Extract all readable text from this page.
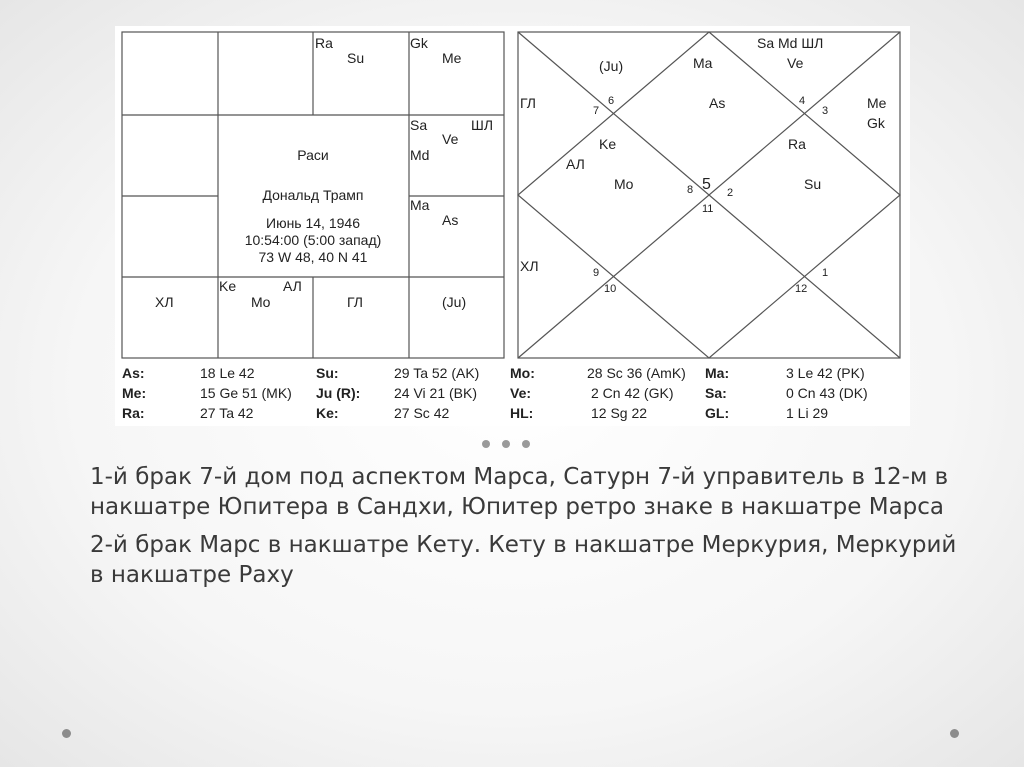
Ra
Su
Gk
Me
Sa	ШЛ
Md
Ve
Ma
As
ХЛ
Ke	АЛ
Mo	ГЛ	(Ju)
Раси
Дональд Трамп
Июнь 14, 1946
10:54:00 (5:00 запад)
73 W 48, 40 N 41
(Ju)	Ma
Sa Md ШЛ
Ve
ГЛ	As	Me
Gk
Ke	Ra
АЛ
Mo	Su
ХЛ
6
7
4
3
8 5 2
11
9
10
1
12
As:	18 Le 42	Su:	29 Ta 52 (AK) Mo:	28 Sc 36 (AmK) Ma:	3 Le 42 (PK)
Me:	15 Ge 51 (MK) Ju (R): 24 Vi 21 (BK) Ve:	2 Cn 42 (GK) Sa:	0 Cn 43 (DK)
Ra:	27 Ta 42	Ke:	27 Sc 42	HL:	12 Sg 22	GL:	1 Li 29

1-й брак 7-й дом под аспектом Марса, Сатурн 7-й управитель в 12-м в накшатре Юпитера в Сандхи, Юпитер ретро знаке в накшатре Марса

2-й брак Марс в накшатре Кету. Кету в накшатре Меркурия, Меркурий в накшатре Раху
